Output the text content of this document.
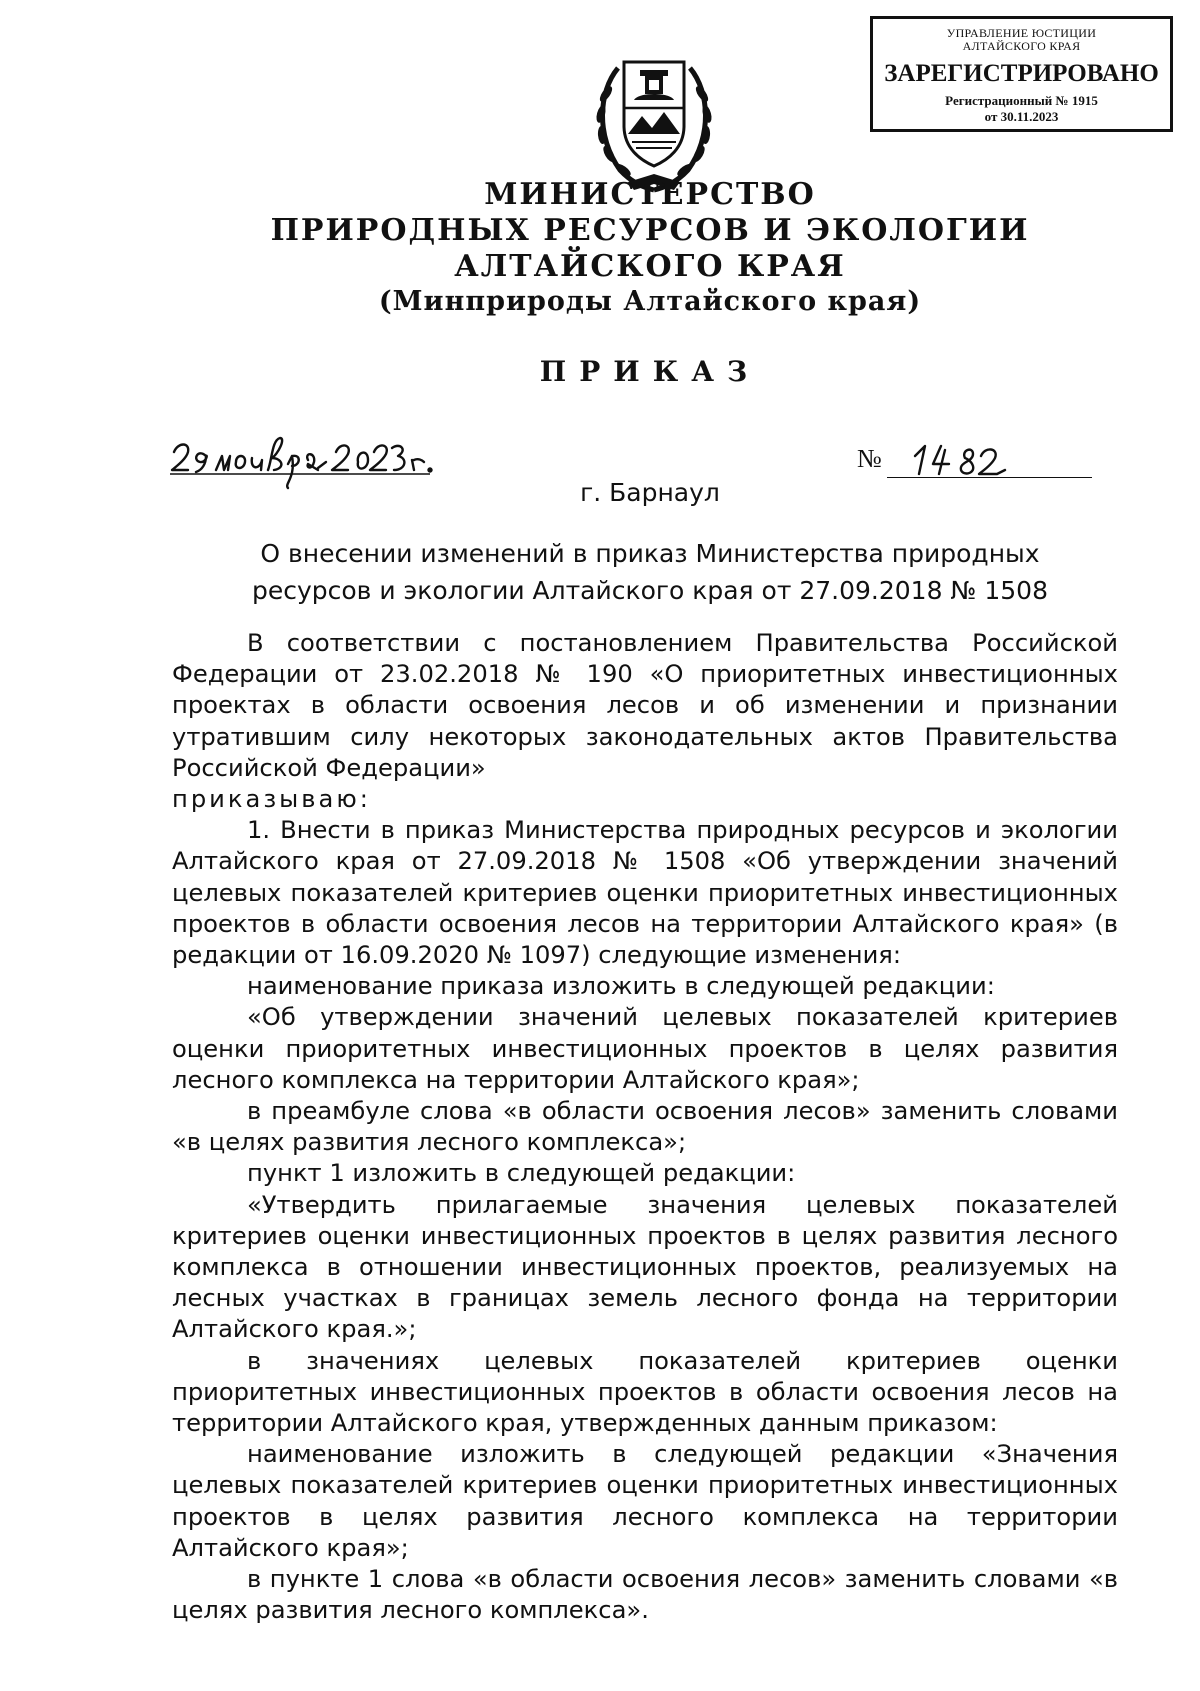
УПРАВЛЕНИЕ ЮСТИЦИИ
АЛТАЙСКОГО КРАЯ
ЗАРЕГИСТРИРОВАНО
Регистрационный № 1915
от 30.11.2023
МИНИСТЕРСТВО
ПРИРОДНЫХ РЕСУРСОВ И ЭКОЛОГИИ
АЛТАЙСКОГО КРАЯ
(Минприроды Алтайского края)
ПРИКАЗ
№
г. Барнаул
О внесении изменений в приказ Министерства природных
ресурсов и экологии Алтайского края от 27.09.2018 № 1508

В соответствии с постановлением Правительства Российской Федерации от 23.02.2018 № 190 «О приоритетных инвестиционных проектах в области освоения лесов и об изменении и признании утратившим силу некоторых законодательных актов Правительства Российской Федерации»

приказываю:

1. Внести в приказ Министерства природных ресурсов и экологии Алтайского края от 27.09.2018 № 1508 «Об утверждении значений целевых показателей критериев оценки приоритетных инвестиционных проектов в области освоения лесов на территории Алтайского края» (в редакции от 16.09.2020 № 1097) следующие изменения:

наименование приказа изложить в следующей редакции:

«Об утверждении значений целевых показателей критериев оценки приоритетных инвестиционных проектов в целях развития лесного комплекса на территории Алтайского края»;

в преамбуле слова «в области освоения лесов» заменить словами «в целях развития лесного комплекса»;

пункт 1 изложить в следующей редакции:

«Утвердить прилагаемые значения целевых показателей критериев оценки инвестиционных проектов в целях развития лесного комплекса в отношении инвестиционных проектов, реализуемых на лесных участках в границах земель лесного фонда на территории Алтайского края.»;

в значениях целевых показателей критериев оценки приоритетных инвестиционных проектов в области освоения лесов на территории Алтайского края, утвержденных данным приказом:

наименование изложить в следующей редакции «Значения целевых показателей критериев оценки приоритетных инвестиционных проектов в целях развития лесного комплекса на территории Алтайского края»;

в пункте 1 слова «в области освоения лесов» заменить словами «в целях развития лесного комплекса».
